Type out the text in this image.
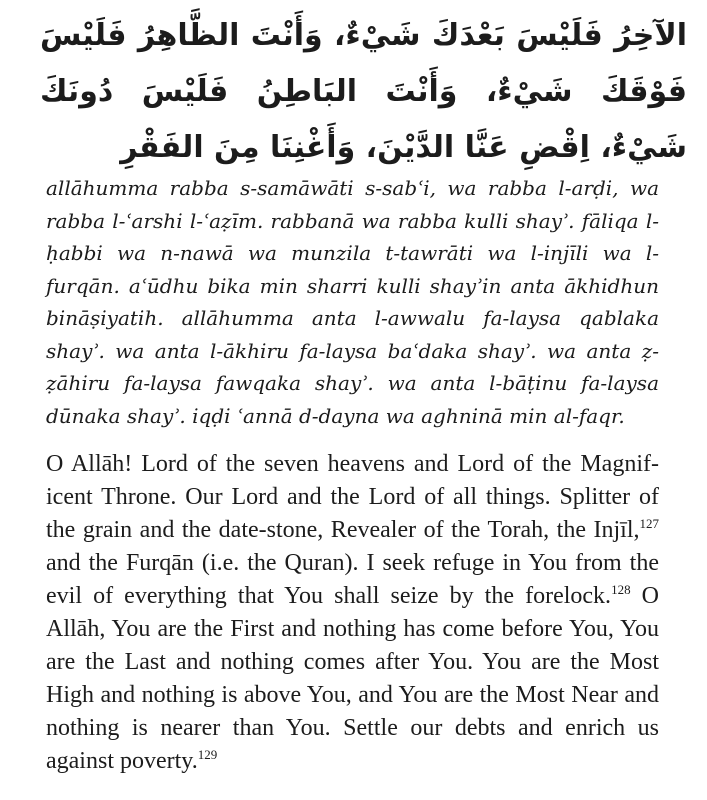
الآخِرُ فَلَيْسَ بَعْدَكَ شَيْءٌ، وَأَنْتَ الظَّاهِرُ فَلَيْسَ فَوْقَكَ شَيْءٌ، وَأَنْتَ البَاطِنُ فَلَيْسَ دُونَكَ شَيْءٌ، اِقْضِ عَنَّا الدَّيْنَ، وَأَغْنِنَا مِنَ الفَقْرِ
allāhumma rabba s-samāwāti s-sabʿi, wa rabba l-arḍi, wa rabba l-ʿarshi l-ʿaẓīm. rabbanā wa rabba kulli shayʾ. fāliqa l-ḥabbi wa n-nawā wa munzila t-tawrāti wa l-injīli wa l-furqān. aʿūdhu bika min sharri kulli shayʾin anta ākhidhun bināṣiyatih. allāhumma anta l-awwalu fa-laysa qablaka shayʾ. wa anta l-ākhiru fa-laysa baʿdaka shayʾ. wa anta ẓ-ẓāhiru fa-laysa fawqaka shayʾ. wa anta l-bāṭinu fa-laysa dūnaka shayʾ. iqḍi ʿannā d-dayna wa aghninā min al-faqr.
O Allāh! Lord of the seven heavens and Lord of the Magnificent Throne. Our Lord and the Lord of all things. Splitter of the grain and the date-stone, Revealer of the Torah, the Injīl,$^{127}$ and the Furqān (i.e. the Quran). I seek refuge in You from the evil of everything that You shall seize by the forelock.$^{128}$ O Allāh, You are the First and nothing has come before You, You are the Last and nothing comes after You. You are the Most High and nothing is above You, and You are the Most Near and nothing is nearer than You. Settle our debts and enrich us against poverty.$^{129}$
